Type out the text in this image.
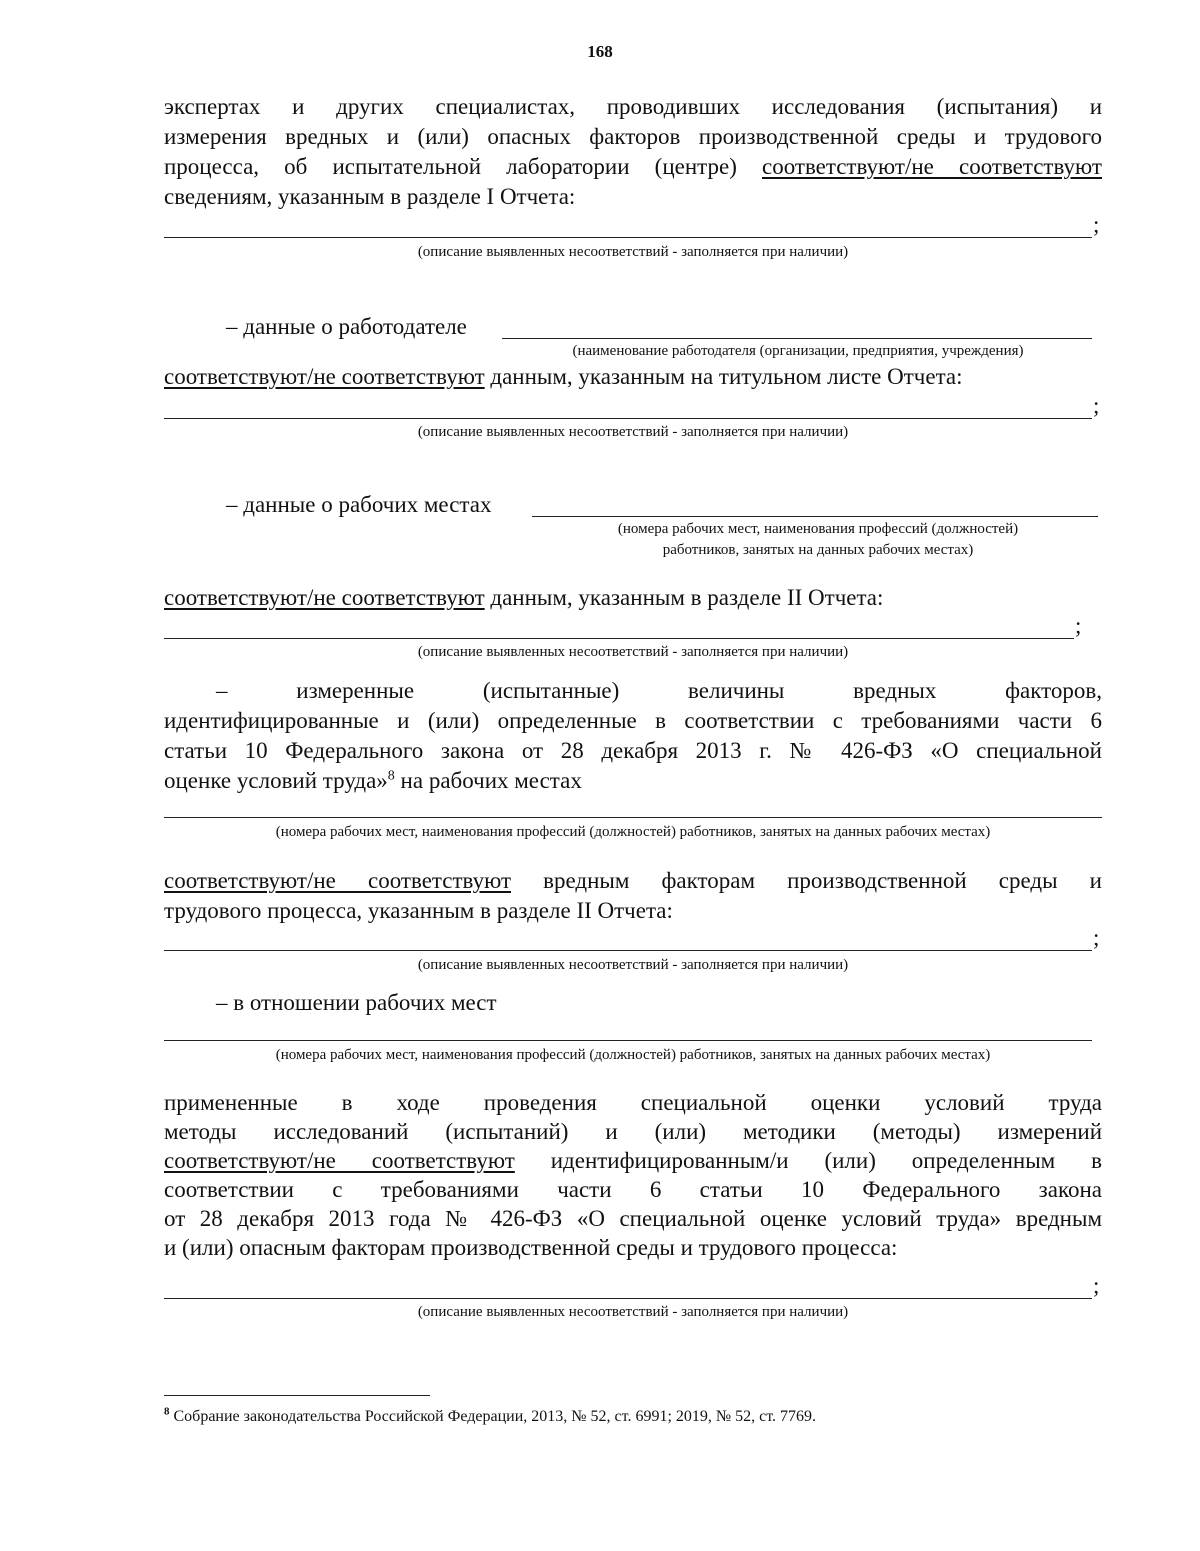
168

экспертах и других специалистах, проводивших исследования (испытания) и

измерения вредных и (или) опасных факторов производственной среды и трудового

процесса, об испытательной лаборатории (центре) соответствуют/не соответствуют

сведениям, указанным в разделе I Отчета:

;
(описание выявленных несоответствий - заполняется при наличии)
– данные о работодателе
(наименование работодателя (организации, предприятия, учреждения)

соответствуют/не соответствуют данным, указанным на титульном листе Отчета:

;
(описание выявленных несоответствий - заполняется при наличии)
– данные о рабочих местах
(номера рабочих мест, наименования профессий (должностей)
работников, занятых на данных рабочих местах)

соответствуют/не соответствуют данным, указанным в разделе II Отчета:

;
(описание выявленных несоответствий - заполняется при наличии)

– измеренные (испытанные) величины вредных факторов,

идентифицированные и (или) определенные в соответствии с требованиями части 6

статьи 10 Федерального закона от 28 декабря 2013 г. № 426-ФЗ «О специальной

оценке условий труда»$^8$ на рабочих местах

(номера рабочих мест, наименования профессий (должностей) работников, занятых на данных рабочих местах)

соответствуют/не соответствуют вредным факторам производственной среды и

трудового процесса, указанным в разделе II Отчета:

;
(описание выявленных несоответствий - заполняется при наличии)
– в отношении рабочих мест
(номера рабочих мест, наименования профессий (должностей) работников, занятых на данных рабочих местах)

примененные в ходе проведения специальной оценки условий труда

методы исследований (испытаний) и (или) методики (методы) измерений

соответствуют/не соответствуют идентифицированным/и (или) определенным в

соответствии с требованиями части 6 статьи 10 Федерального закона

от 28 декабря 2013 года № 426-ФЗ «О специальной оценке условий труда» вредным

и (или) опасным факторам производственной среды и трудового процесса:

;
(описание выявленных несоответствий - заполняется при наличии)
$^8$ Собрание законодательства Российской Федерации, 2013, № 52, ст. 6991; 2019, № 52, ст. 7769.
